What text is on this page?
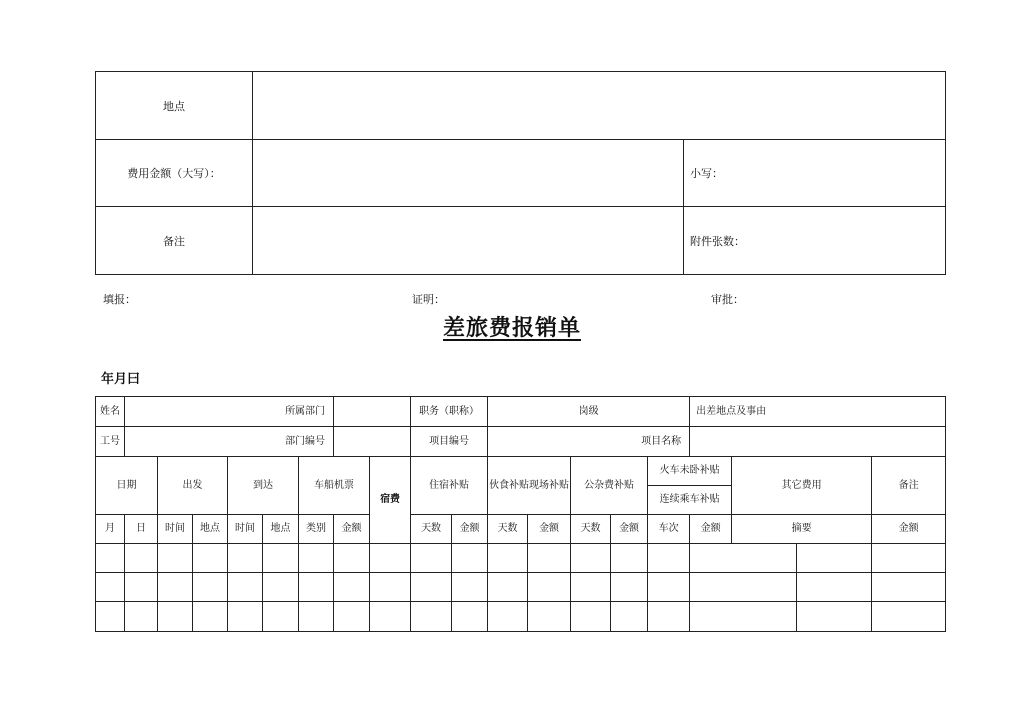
地点		
费用金额（大写）：		小写：
备注		附件张数：
填报：	证明：	审批：
差旅费报销单
年月曰
姓名	所属部门								职务（职称）		岗级					出差地点及事由				
工号	部门编号								项目编号		项目名称									
日期		出发		到达		车船机票		宿费	住宿补贴		伙食补贴现场补贴		公杂费补贴		火车未卧补贴		其它费用		备注	
															连续乘车补贴					
月	日	时间	地点	时间	地点	类别	金额		天数	金额	天数	金额	天数	金额	车次	金额	摘要		金额	
